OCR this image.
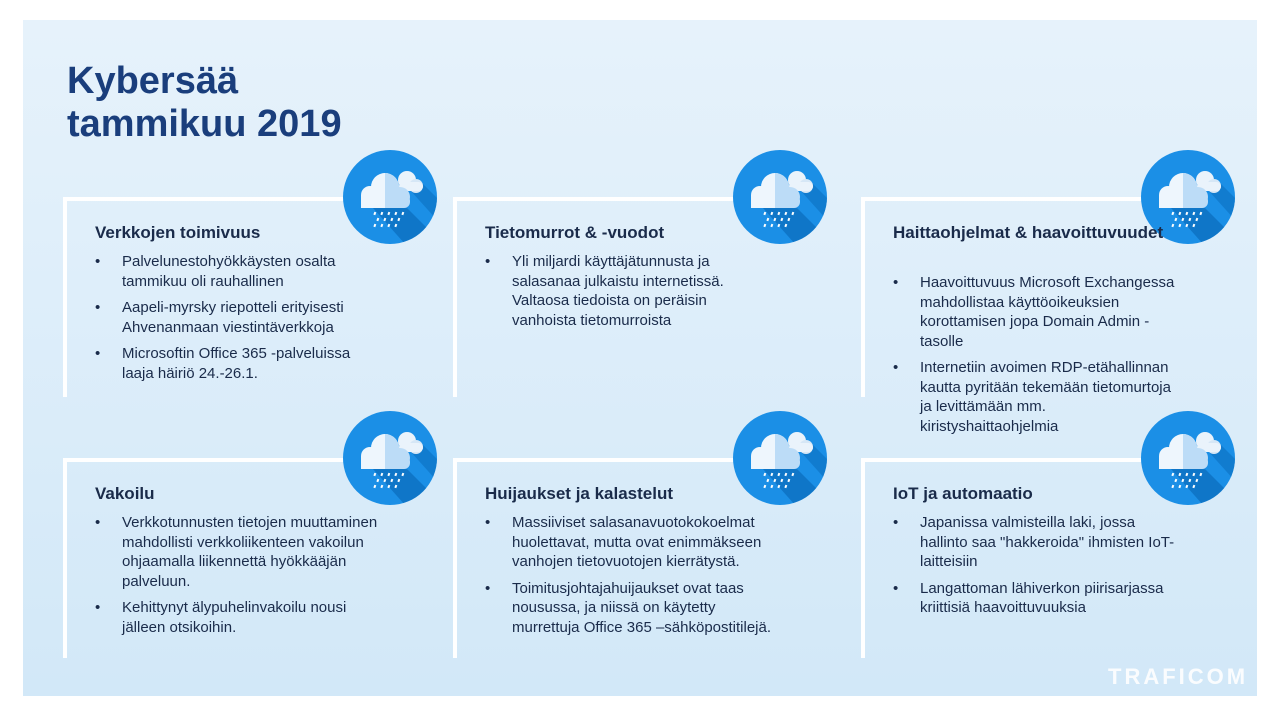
Kybersää
tammikuu 2019
Verkkojen toimivuus
• Palvelunestohyökkäysten osalta tammikuu oli rauhallinen
• Aapeli-myrsky riepotteli erityisesti Ahvenanmaan viestintäverkkoja
• Microsoftin Office 365 -palveluissa laaja häiriö 24.-26.1.
Tietomurrot & -vuodot
• Yli miljardi käyttäjätunnusta ja salasanaa julkaistu internetissä. Valtaosa tiedoista on peräisin vanhoista tietomurroista
Haittaohjelmat & haavoittuvuudet
• Haavoittuvuus Microsoft Exchangessa mahdollistaa käyttöoikeuksien korottamisen jopa Domain Admin -tasolle
• Internetiin avoimen RDP-etähallinnan kautta pyritään tekemään tietomurtoja ja levittämään mm. kiristyshaittaohjelmia
Vakoilu
• Verkkotunnusten tietojen muuttaminen mahdollisti verkkoliikenteen vakoilun ohjaamalla liikennettä hyökkääjän palveluun.
• Kehittynyt älypuhelinvakoilu nousi jälleen otsikoihin.
Huijaukset ja kalastelut
• Massiiviset salasanavuotokokoelmat huolettavat, mutta ovat enimmäkseen vanhojen tietovuotojen kierrätystä.
• Toimitusjohtajahuijaukset ovat taas nousussa, ja niissä on käytetty murrettuja Office 365 –sähköpostitilejä.
IoT ja automaatio
• Japanissa valmisteilla laki, jossa hallinto saa "hakkeroida" ihmisten IoT-laitteisiin
• Langattoman lähiverkon piirisarjassa kriittisiä haavoittuvuuksia
TRAFICOM
